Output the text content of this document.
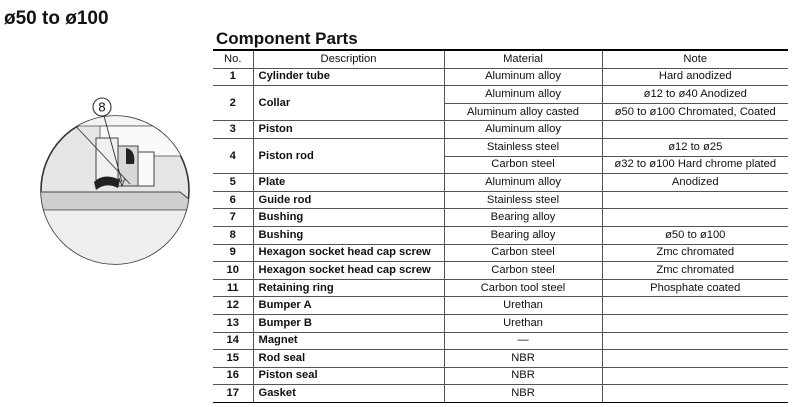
ø50 to ø100
Component Parts
8
No.	Description	Material	Note
1	Cylinder tube	Aluminum alloy	Hard anodized
2	Collar	Aluminum alloy	ø12 to ø40 Anodized
		Aluminum alloy casted	ø50 to ø100 Chromated, Coated
3	Piston	Aluminum alloy	
4	Piston rod	Stainless steel	ø12 to ø25
		Carbon steel	ø32 to ø100 Hard chrome plated
5	Plate	Aluminum alloy	Anodized
6	Guide rod	Stainless steel	
7	Bushing	Bearing alloy	
8	Bushing	Bearing alloy	ø50 to ø100
9	Hexagon socket head cap screw	Carbon steel	Zmc chromated
10	Hexagon socket head cap screw	Carbon steel	Zmc chromated
11	Retaining ring	Carbon tool steel	Phosphate coated
12	Bumper A	Urethan	
13	Bumper B	Urethan	
14	Magnet	—	
15	Rod seal	NBR	
16	Piston seal	NBR	
17	Gasket	NBR	
